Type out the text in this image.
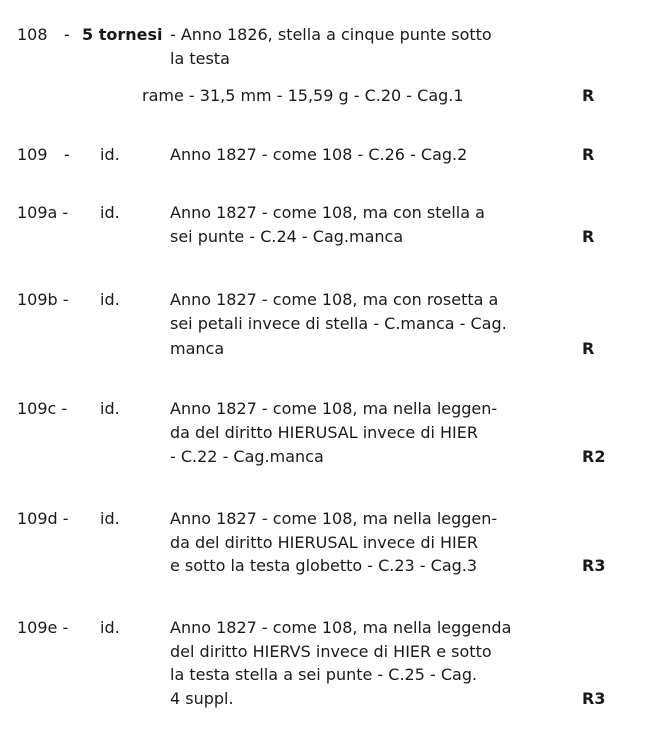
108 - 5 tornesi - Anno 1826, stella a cinque punte sotto
la testa
rame - 31,5 mm - 15,59 g - C.20 - Cag.1	R
109 - id.	Anno 1827 - come 108 - C.26 - Cag.2	R
109a - id.	Anno 1827 - come 108, ma con stella a
sei punte - C.24 - Cag.manca	R
109b - id.	Anno 1827 - come 108, ma con rosetta a
sei petali invece di stella - C.manca - Cag.
manca	R
109c - id.	Anno 1827 - come 108, ma nella leggen-
da del diritto HIERUSAL invece di HIER
- C.22 - Cag.manca	R2
109d - id.	Anno 1827 - come 108, ma nella leggen-
da del diritto HIERUSAL invece di HIER
e sotto la testa globetto - C.23 - Cag.3	R3
109e - id.	Anno 1827 - come 108, ma nella leggenda
del diritto HIERVS invece di HIER e sotto
la testa stella a sei punte - C.25 - Cag.
4 suppl.	R3
